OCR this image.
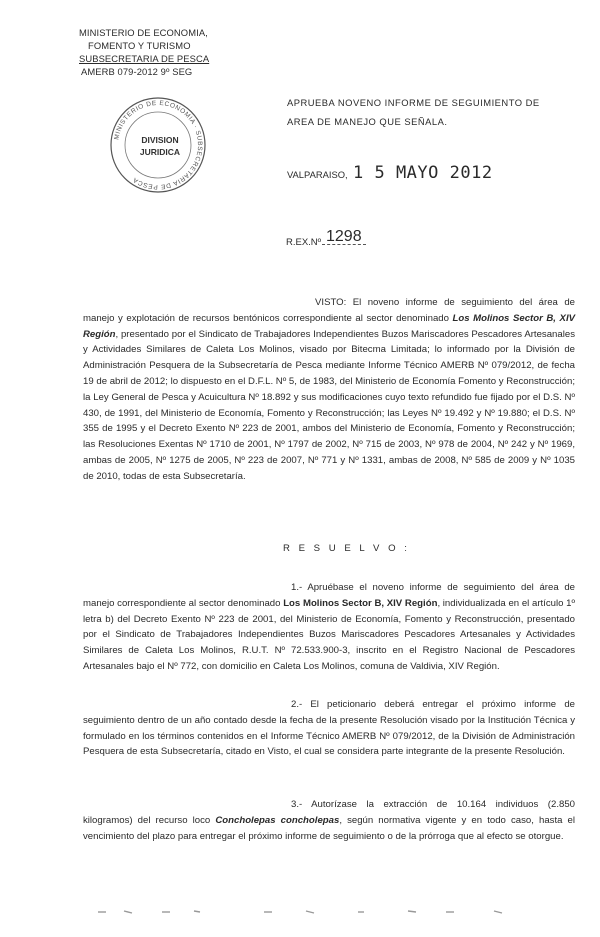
MINISTERIO DE ECONOMIA,
FOMENTO Y TURISMO
SUBSECRETARIA DE PESCA
AMERB 079-2012 9º SEG
APRUEBA NOVENO INFORME DE SEGUIMIENTO DE AREA DE MANEJO QUE SEÑALA.
MINISTERIO DE ECONOMIA · SUBSECRETARIA DE PESCA
DIVISION
JURIDICA
VALPARAISO, 1 5 MAYO 2012
R.EX.Nº 1298
VISTO: El noveno informe de seguimiento del área de manejo y explotación de recursos bentónicos correspondiente al sector denominado Los Molinos Sector B, XIV Región, presentado por el Sindicato de Trabajadores Independientes Buzos Mariscadores Pescadores Artesanales y Actividades Similares de Caleta Los Molinos, visado por Bitecma Limitada; lo informado por la División de Administración Pesquera de la Subsecretaría de Pesca mediante Informe Técnico AMERB Nº 079/2012, de fecha 19 de abril de 2012; lo dispuesto en el D.F.L. Nº 5, de 1983, del Ministerio de Economía Fomento y Reconstrucción; la Ley General de Pesca y Acuicultura Nº 18.892 y sus modificaciones cuyo texto refundido fue fijado por el D.S. Nº 430, de 1991, del Ministerio de Economía, Fomento y Reconstrucción; las Leyes Nº 19.492 y Nº 19.880; el D.S. Nº 355 de 1995 y el Decreto Exento Nº 223 de 2001, ambos del Ministerio de Economía, Fomento y Reconstrucción; las Resoluciones Exentas Nº 1710 de 2001, Nº 1797 de 2002, Nº 715 de 2003, Nº 978 de 2004, Nº 242 y Nº 1969, ambas de 2005, Nº 1275 de 2005, Nº 223 de 2007, Nº 771 y Nº 1331, ambas de 2008, Nº 585 de 2009 y Nº 1035 de 2010, todas de esta Subsecretaría.
R E S U E L V O :
1.- Apruébase el noveno informe de seguimiento del área de manejo correspondiente al sector denominado Los Molinos Sector B, XIV Región, individualizada en el artículo 1º letra b) del Decreto Exento Nº 223 de 2001, del Ministerio de Economía, Fomento y Reconstrucción, presentado por el Sindicato de Trabajadores Independientes Buzos Mariscadores Pescadores Artesanales y Actividades Similares de Caleta Los Molinos, R.U.T. Nº 72.533.900-3, inscrito en el Registro Nacional de Pescadores Artesanales bajo el Nº 772, con domicilio en Caleta Los Molinos, comuna de Valdivia, XIV Región.
2.- El peticionario deberá entregar el próximo informe de seguimiento dentro de un año contado desde la fecha de la presente Resolución visado por la Institución Técnica y formulado en los términos contenidos en el Informe Técnico AMERB Nº 079/2012, de la División de Administración Pesquera de esta Subsecretaría, citado en Visto, el cual se considera parte integrante de la presente Resolución.
3.- Autorízase la extracción de 10.164 individuos (2.850 kilogramos) del recurso loco Concholepas concholepas, según normativa vigente y en todo caso, hasta el vencimiento del plazo para entregar el próximo informe de seguimiento o de la prórroga que al efecto se otorgue.
